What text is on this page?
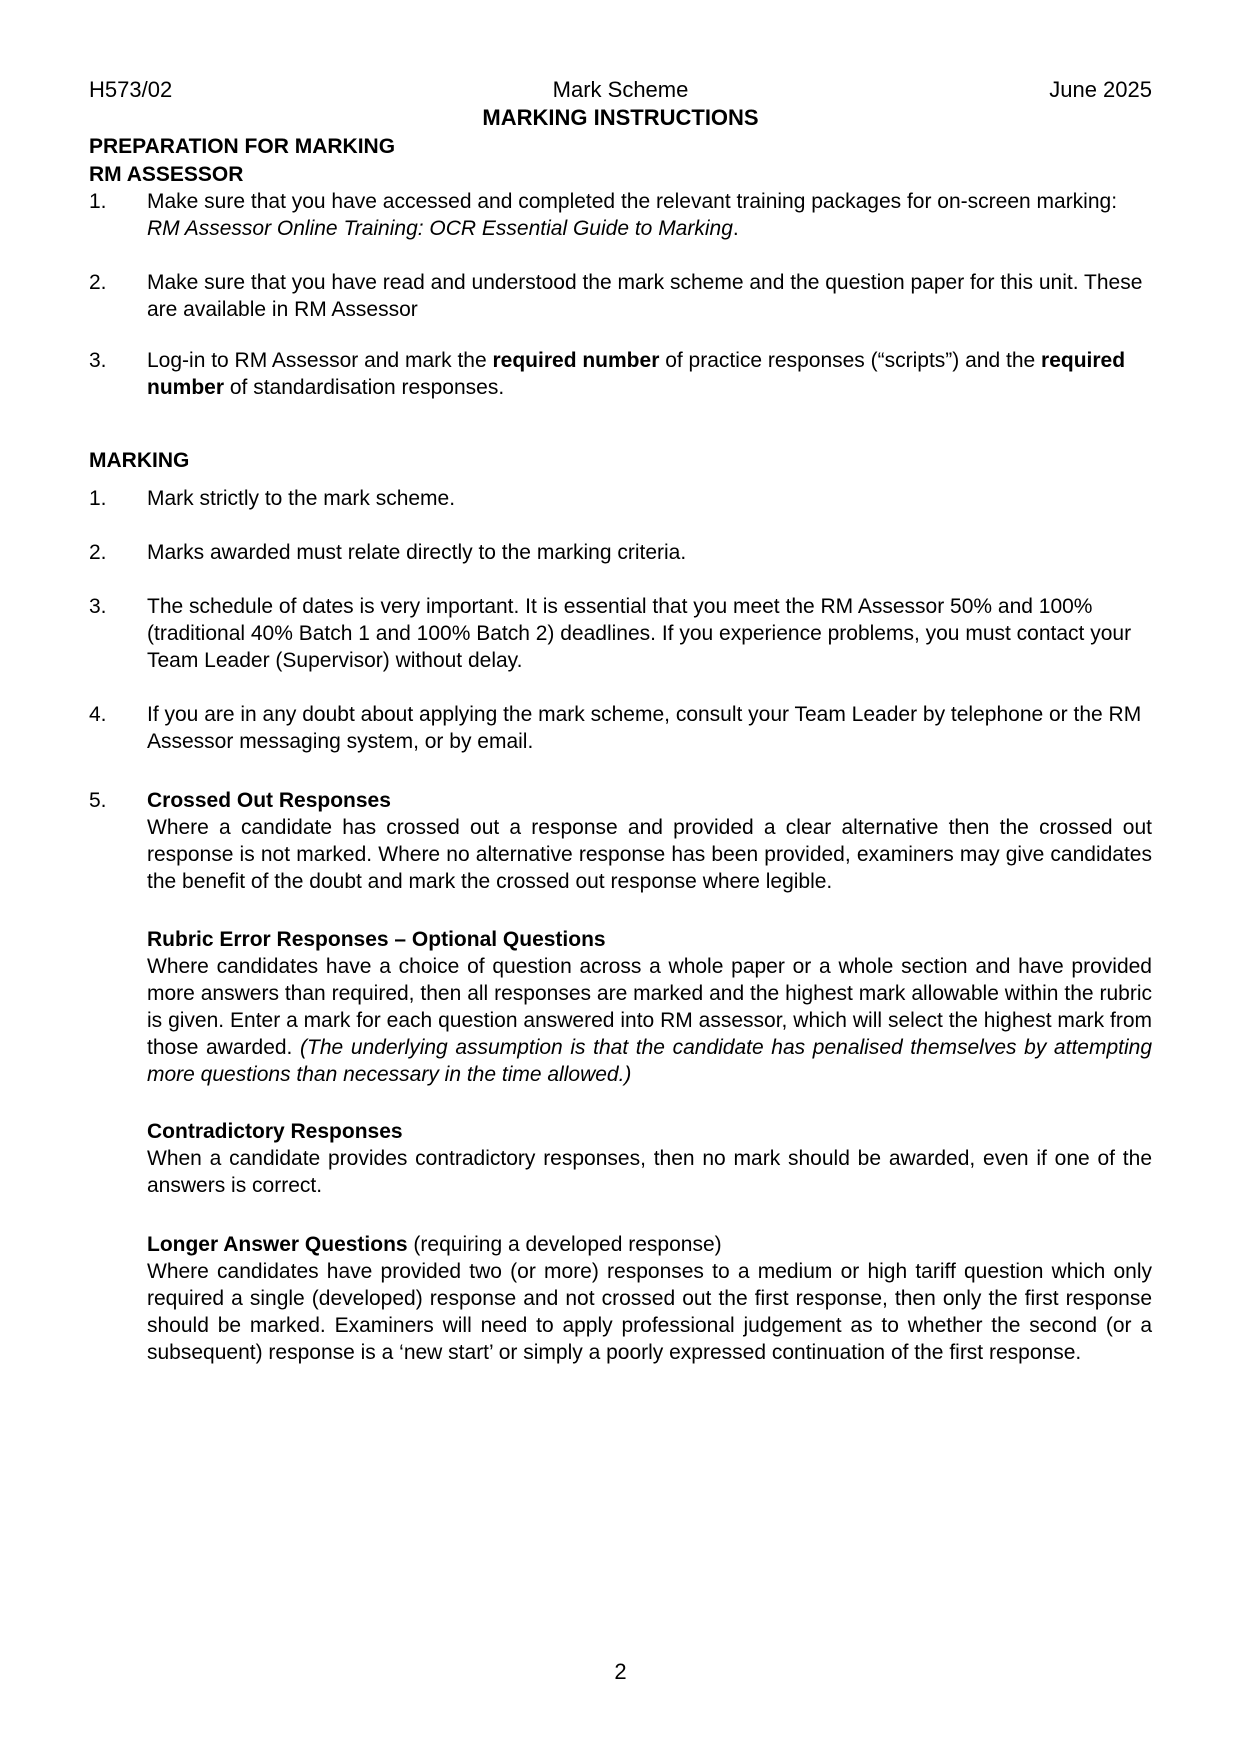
H573/02	Mark Scheme	June 2025
MARKING INSTRUCTIONS
PREPARATION FOR MARKING
RM ASSESSOR
1.	Make sure that you have accessed and completed the relevant training packages for on-screen marking: RM Assessor Online Training: OCR Essential Guide to Marking.
2.	Make sure that you have read and understood the mark scheme and the question paper for this unit. These are available in RM Assessor
3.	Log-in to RM Assessor and mark the required number of practice responses (“scripts”) and the required number of standardisation responses.
MARKING
1.	Mark strictly to the mark scheme.
2.	Marks awarded must relate directly to the marking criteria.
3.	The schedule of dates is very important. It is essential that you meet the RM Assessor 50% and 100% (traditional 40% Batch 1 and 100% Batch 2) deadlines. If you experience problems, you must contact your Team Leader (Supervisor) without delay.
4.	If you are in any doubt about applying the mark scheme, consult your Team Leader by telephone or the RM Assessor messaging system, or by email.
5.	Crossed Out Responses
Where a candidate has crossed out a response and provided a clear alternative then the crossed out response is not marked. Where no alternative response has been provided, examiners may give candidates the benefit of the doubt and mark the crossed out response where legible.
Rubric Error Responses – Optional Questions
Where candidates have a choice of question across a whole paper or a whole section and have provided more answers than required, then all responses are marked and the highest mark allowable within the rubric is given. Enter a mark for each question answered into RM assessor, which will select the highest mark from those awarded. (The underlying assumption is that the candidate has penalised themselves by attempting more questions than necessary in the time allowed.)
Contradictory Responses
When a candidate provides contradictory responses, then no mark should be awarded, even if one of the answers is correct.
Longer Answer Questions (requiring a developed response)
Where candidates have provided two (or more) responses to a medium or high tariff question which only required a single (developed) response and not crossed out the first response, then only the first response should be marked. Examiners will need to apply professional judgement as to whether the second (or a subsequent) response is a ‘new start’ or simply a poorly expressed continuation of the first response.
2
